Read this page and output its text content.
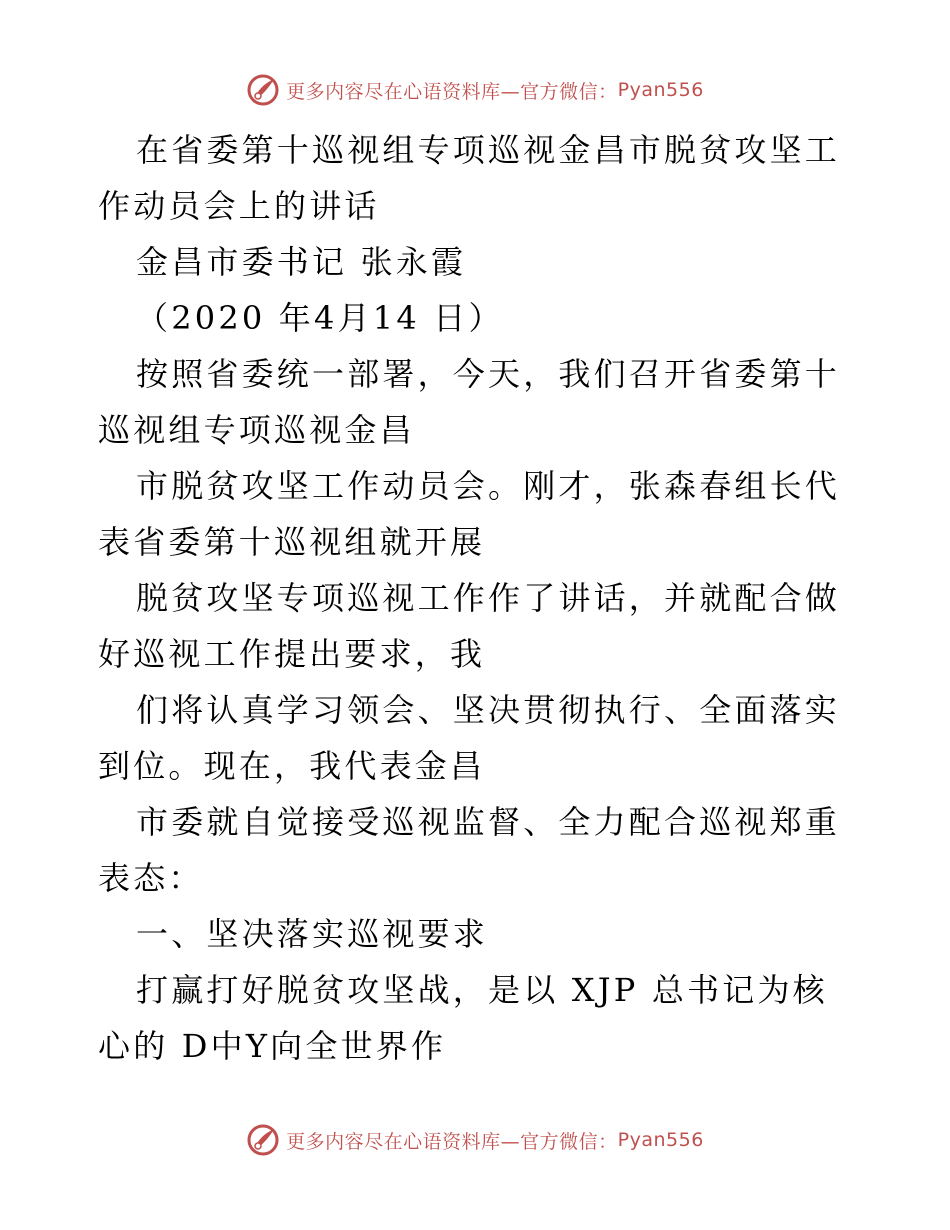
更多内容尽在心语资料库—官方微信： Pyan556

在省委第十巡视组专项巡视金昌市脱贫攻坚工作动员会上的讲话

金昌市委书记 张永霞

（2020 年4月14 日）

按照省委统一部署，今天，我们召开省委第十巡视组专项巡视金昌

市脱贫攻坚工作动员会。刚才，张森春组长代表省委第十巡视组就开展

脱贫攻坚专项巡视工作作了讲话，并就配合做好巡视工作提出要求，我

们将认真学习领会、坚决贯彻执行、全面落实到位。现在，我代表金昌

市委就自觉接受巡视监督、全力配合巡视郑重表态：

一、坚决落实巡视要求

打赢打好脱贫攻坚战，是以 XJP 总书记为核心的 D中Y向全世界作

更多内容尽在心语资料库—官方微信： Pyan556
